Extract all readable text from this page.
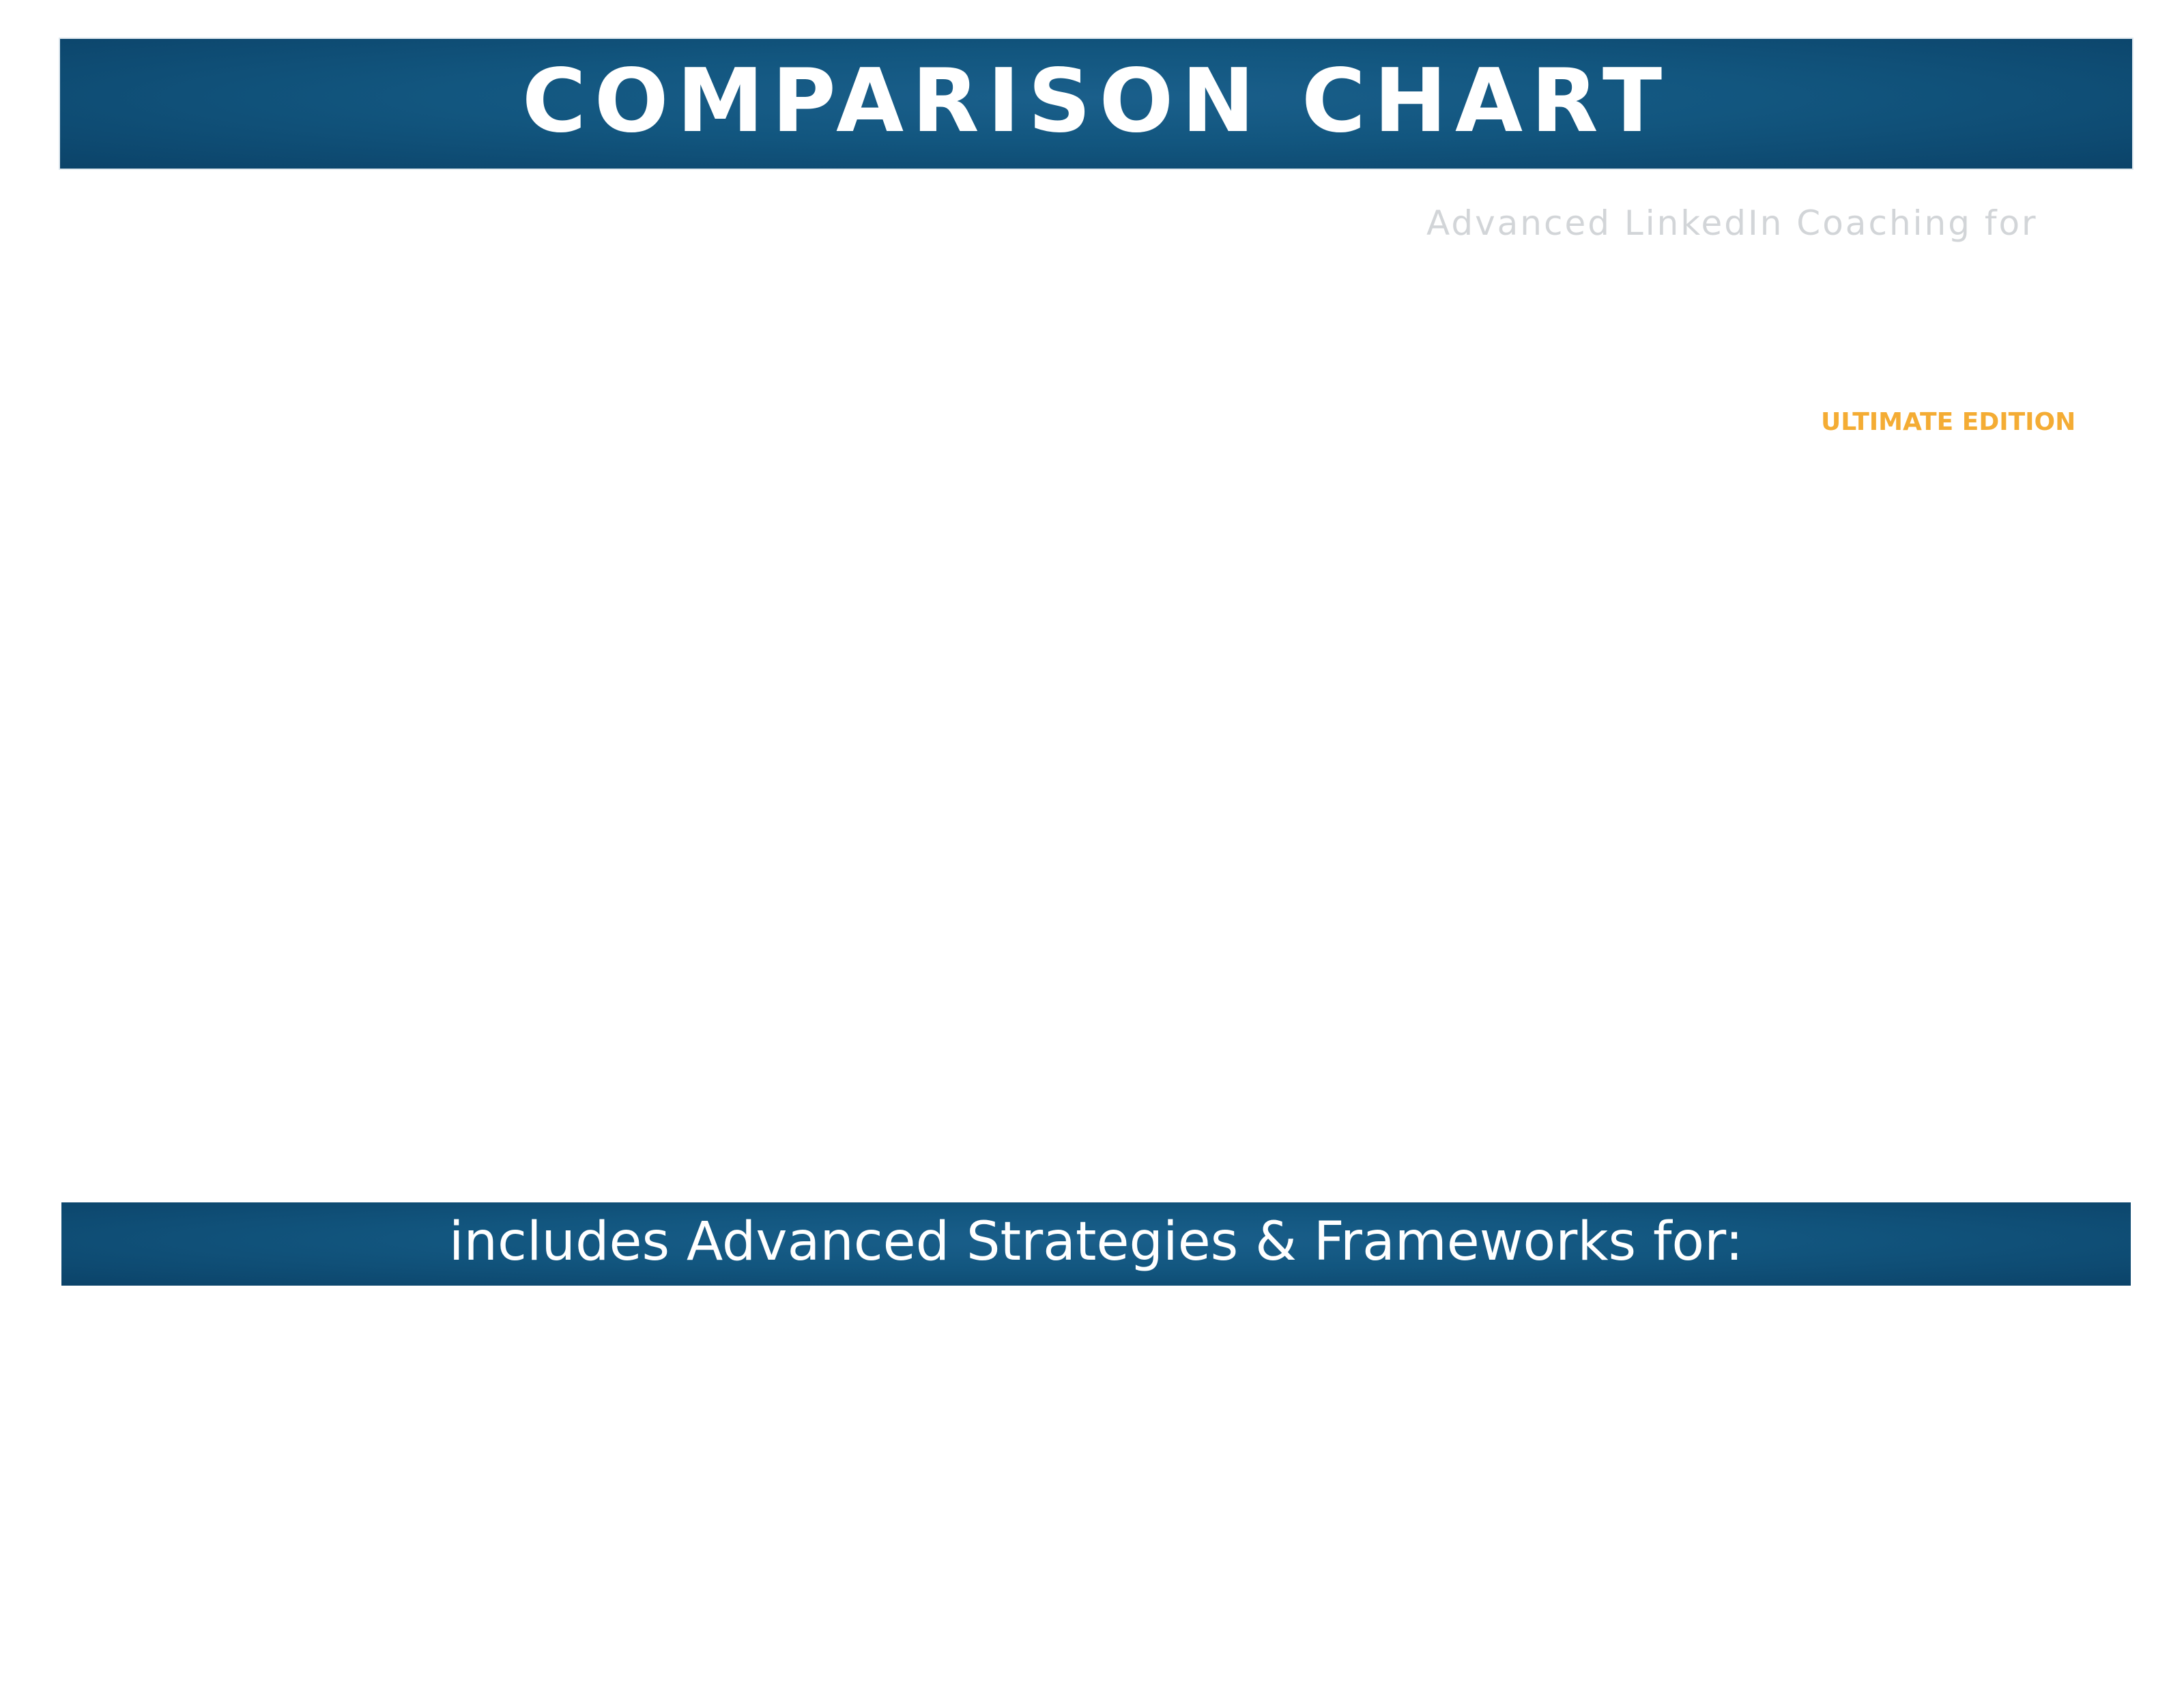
COMPARISON CHART
Advanced LinkedIn Coaching for
ULTIMATE EDITION
includes Advanced Strategies & Frameworks for:
